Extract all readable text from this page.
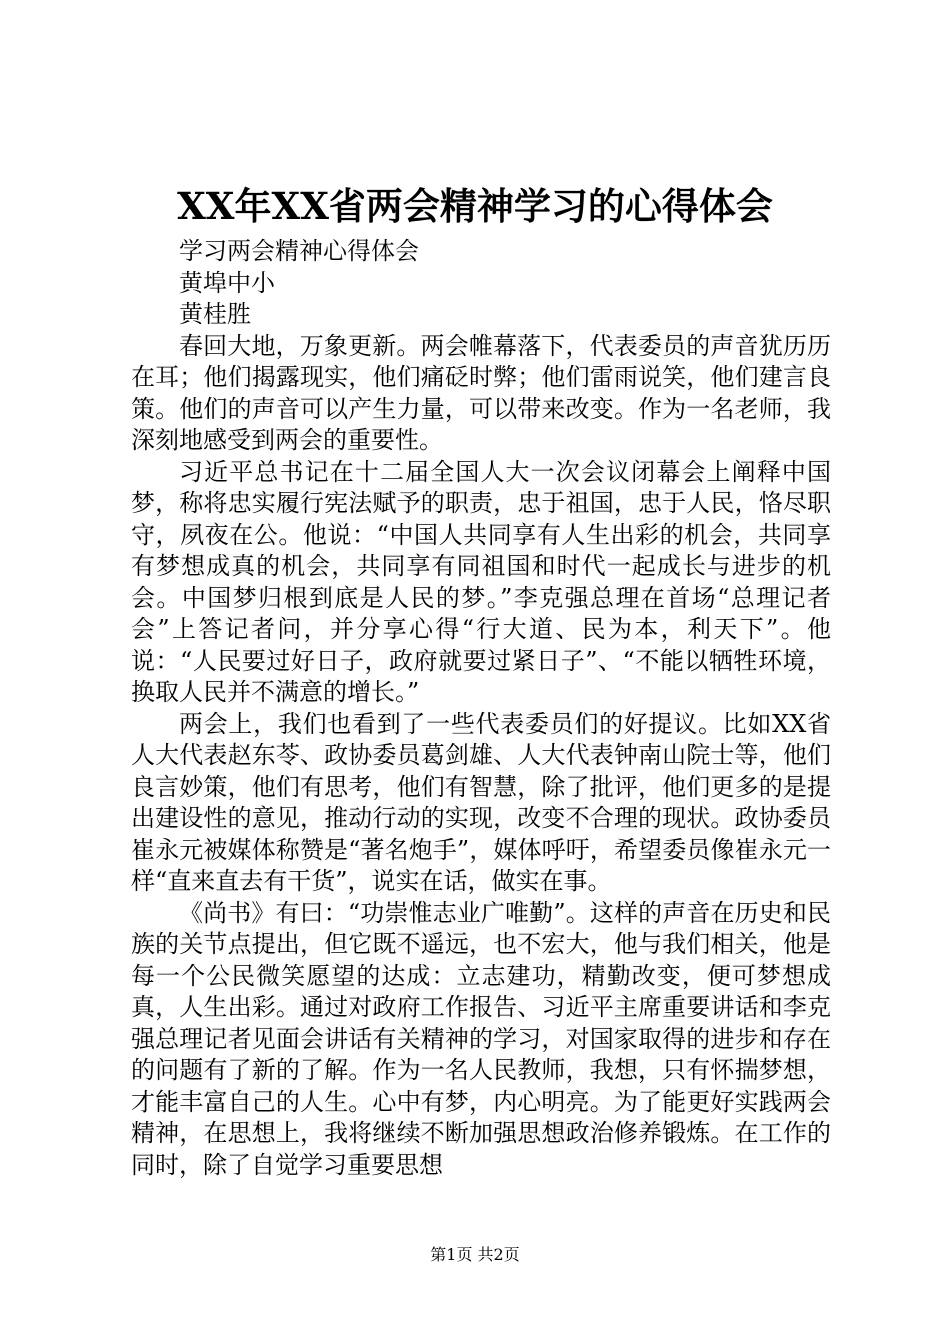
XX年XX省两会精神学习的心得体会

学习两会精神心得体会

黄埠中小

黄桂胜

春回大地，万象更新。两会帷幕落下，代表委员的声音犹历历在耳；他们揭露现实，他们痛砭时弊；他们雷雨说笑，他们建言良策。他们的声音可以产生力量，可以带来改变。作为一名老师，我深刻地感受到两会的重要性。

习近平总书记在十二届全国人大一次会议闭幕会上阐释中国梦，称将忠实履行宪法赋予的职责，忠于祖国，忠于人民，恪尽职守，夙夜在公。他说：“中国人共同享有人生出彩的机会，共同享有梦想成真的机会，共同享有同祖国和时代一起成长与进步的机会。中国梦归根到底是人民的梦。”李克强总理在首场“总理记者会”上答记者问，并分享心得“行大道、民为本，利天下”。他说：“人民要过好日子，政府就要过紧日子”、“不能以牺牲环境，换取人民并不满意的增长。”

两会上，我们也看到了一些代表委员们的好提议。比如XX省人大代表赵东苓、政协委员葛剑雄、人大代表钟南山院士等，他们良言妙策，他们有思考，他们有智慧，除了批评，他们更多的是提出建设性的意见，推动行动的实现，改变不合理的现状。政协委员崔永元被媒体称赞是“著名炮手”，媒体呼吁，希望委员像崔永元一样“直来直去有干货”，说实在话，做实在事。

《尚书》有曰：“功崇惟志业广唯勤”。这样的声音在历史和民族的关节点提出，但它既不遥远，也不宏大，他与我们相关，他是每一个公民微笑愿望的达成：立志建功，精勤改变，便可梦想成真，人生出彩。通过对政府工作报告、习近平主席重要讲话和李克强总理记者见面会讲话有关精神的学习，对国家取得的进步和存在的问题有了新的了解。作为一名人民教师，我想，只有怀揣梦想，才能丰富自己的人生。心中有梦，内心明亮。为了能更好实践两会精神，在思想上，我将继续不断加强思想政治修养锻炼。在工作的同时，除了自觉学习重要思想

第1页 共2页
